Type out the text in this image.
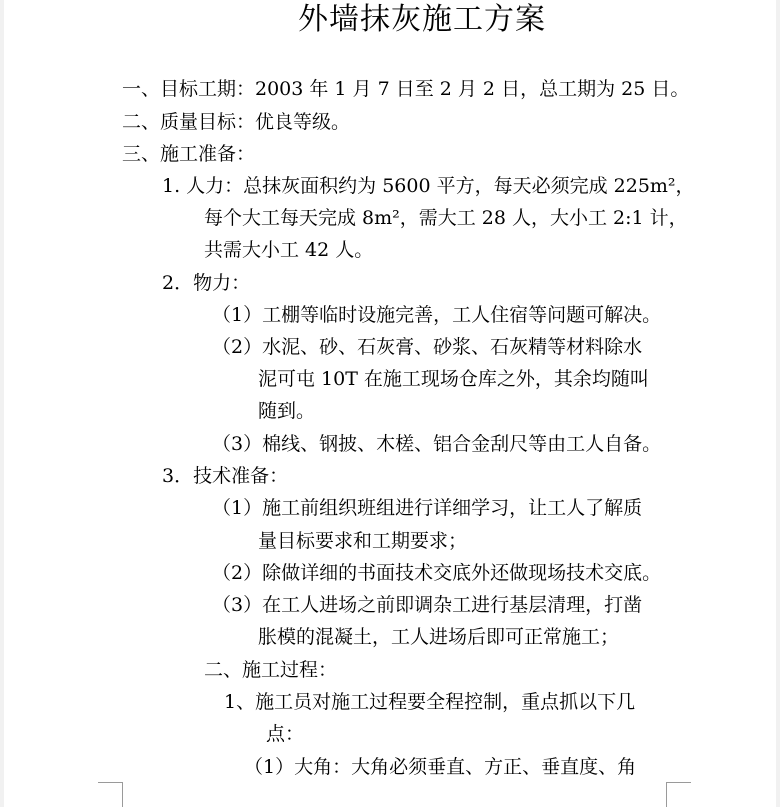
外墙抹灰施工方案
一、目标工期：2003 年 1 月 7 日至 2 月 2 日，总工期为 25 日。
二、质量目标：优良等级。
三、施工准备：
1. 人力：总抹灰面积约为 5600 平方，每天必须完成 225m²，
每个大工每天完成 8m²，需大工 28 人，大小工 2:1 计，
共需大小工 42 人。
2．物力：
（1）工棚等临时设施完善，工人住宿等问题可解决。
（2）水泥、砂、石灰膏、砂浆、石灰精等材料除水
泥可屯 10T 在施工现场仓库之外，其余均随叫
随到。
（3）棉线、钢披、木槎、铝合金刮尺等由工人自备。
3．技术准备：
（1）施工前组织班组进行详细学习，让工人了解质
量目标要求和工期要求；
（2）除做详细的书面技术交底外还做现场技术交底。
（3）在工人进场之前即调杂工进行基层清理，打凿
胀模的混凝土，工人进场后即可正常施工；
二、施工过程：
1、施工员对施工过程要全程控制，重点抓以下几
点：
（1）大角：大角必须垂直、方正、垂直度、角
